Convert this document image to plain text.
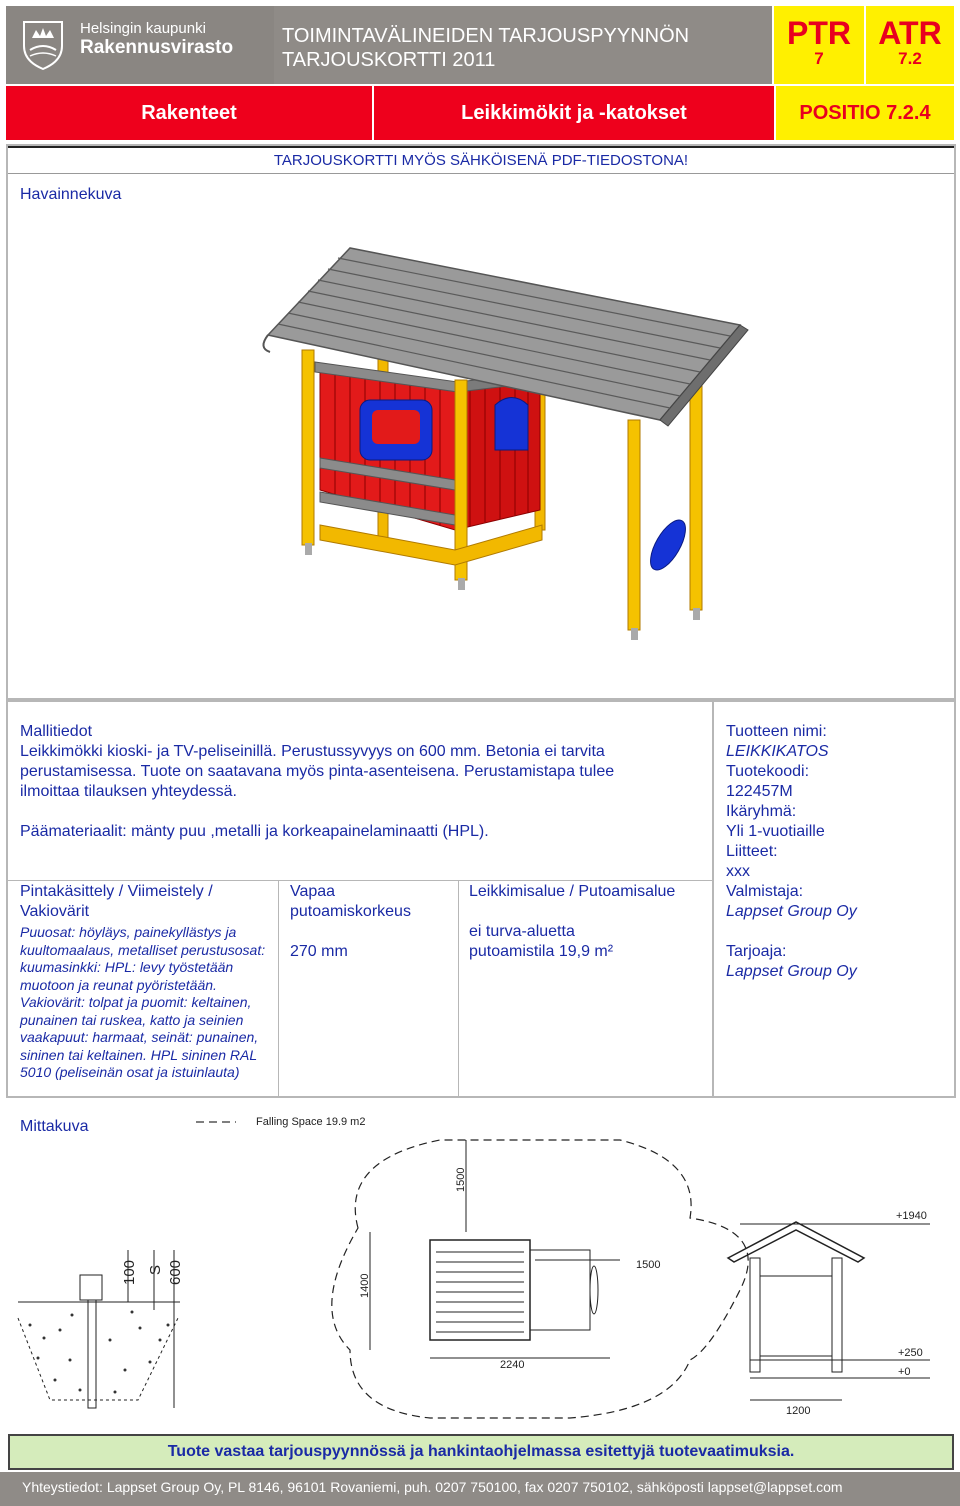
Helsingin kaupunki
Rakennusvirasto
TOIMINTAVÄLINEIDEN TARJOUSPYYNNÖN
TARJOUSKORTTI 2011
PTR
7
ATR
7.2
Rakenteet	Leikkimökit ja -katokset	POSITIO 7.2.4
TARJOUSKORTTI MYÖS SÄHKÖISENÄ PDF-TIEDOSTONA!
Havainnekuva
Mallitiedot
Leikkimökki kioski- ja TV-peliseinillä. Perustussyvyys on 600 mm. Betonia ei tarvita perustamisessa. Tuote on saatavana myös pinta-asenteisena. Perustamistapa tulee ilmoittaa tilauksen yhteydessä.
Päämateriaalit: mänty puu ,metalli ja korkeapainelaminaatti (HPL).
Pintakäsittely / Viimeistely / Vakiovärit
Puuosat: höyläys, painekyllästys ja kuultomaalaus, metalliset perustusosat: kuumasinkki: HPL: levy työstetään muotoon ja reunat pyöristetään. Vakiovärit: tolpat ja puomit: keltainen, punainen tai ruskea, katto ja seinien vaakapuut: harmaat, seinät: punainen, sininen tai keltainen. HPL sininen RAL 5010 (peliseinän osat ja istuinlauta)
Vapaa putoamiskorkeus
270 mm
Leikkimisalue / Putoamisalue
ei turva-aluetta
putoamistila 19,9 m²
Tuotteen nimi:
LEIKKIKATOS
Tuotekoodi:
122457M
Ikäryhmä:
Yli 1-vuotiaille
Liitteet:
xxx
Valmistaja:
Lappset Group Oy
Tarjoaja:
Lappset Group Oy
Mittakuva	Falling Space 19.9 m2
100 S 600
1500
1400
1500
2240
+1940
+250
+0
1200
Tuote vastaa tarjouspyynnössä ja hankintaohjelmassa esitettyjä tuotevaatimuksia.
Yhteystiedot: Lappset Group Oy, PL 8146, 96101 Rovaniemi, puh. 0207 750100, fax 0207 750102, sähköposti lappset@lappset.com
